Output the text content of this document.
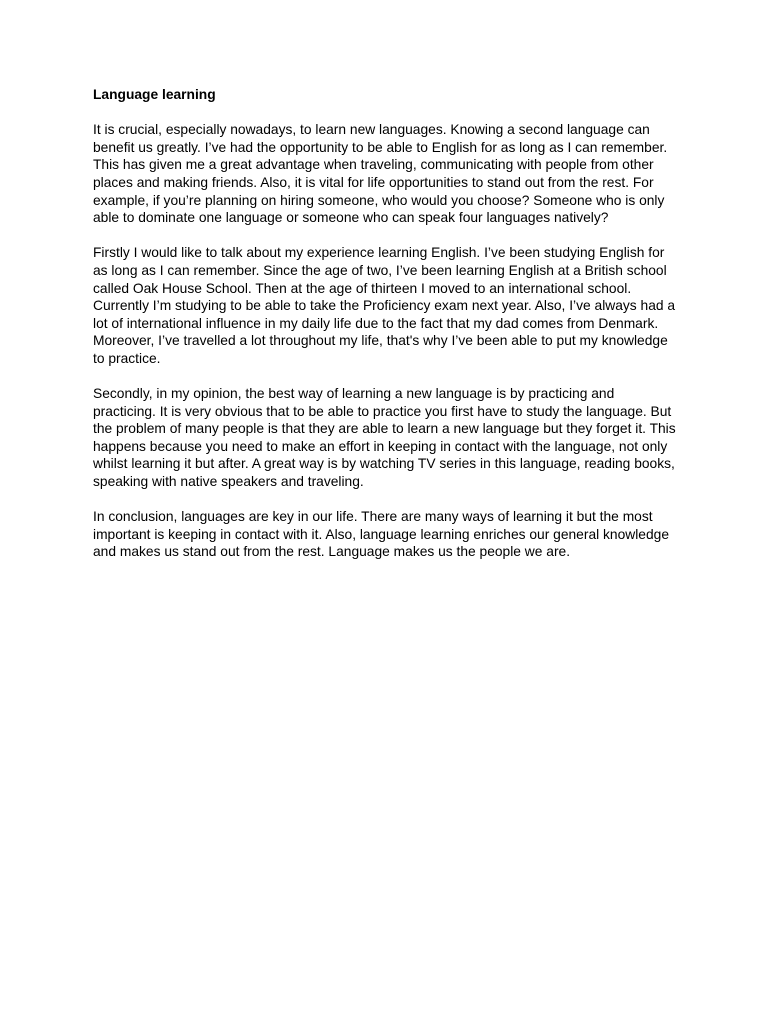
Language learning

It is crucial, especially nowadays, to learn new languages. Knowing a second language can benefit us greatly. I’ve had the opportunity to be able to English for as long as I can remember. This has given me a great advantage when traveling, communicating with people from other places and making friends. Also, it is vital for life opportunities to stand out from the rest. For example, if you’re planning on hiring someone, who would you choose? Someone who is only able to dominate one language or someone who can speak four languages natively?

Firstly I would like to talk about my experience learning English. I’ve been studying English for as long as I can remember. Since the age of two, I’ve been learning English at a British school called Oak House School. Then at the age of thirteen I moved to an international school. Currently I’m studying to be able to take the Proficiency exam next year. Also, I’ve always had a lot of international influence in my daily life due to the fact that my dad comes from Denmark. Moreover, I’ve travelled a lot throughout my life, that's why I’ve been able to put my knowledge to practice.

Secondly, in my opinion, the best way of learning a new language is by practicing and practicing. It is very obvious that to be able to practice you first have to study the language. But the problem of many people is that they are able to learn a new language but they forget it. This happens because you need to make an effort in keeping in contact with the language, not only whilst learning it but after. A great way is by watching TV series in this language, reading books, speaking with native speakers and traveling.

In conclusion, languages are key in our life. There are many ways of learning it but the most important is keeping in contact with it. Also, language learning enriches our general knowledge and makes us stand out from the rest. Language makes us the people we are.
